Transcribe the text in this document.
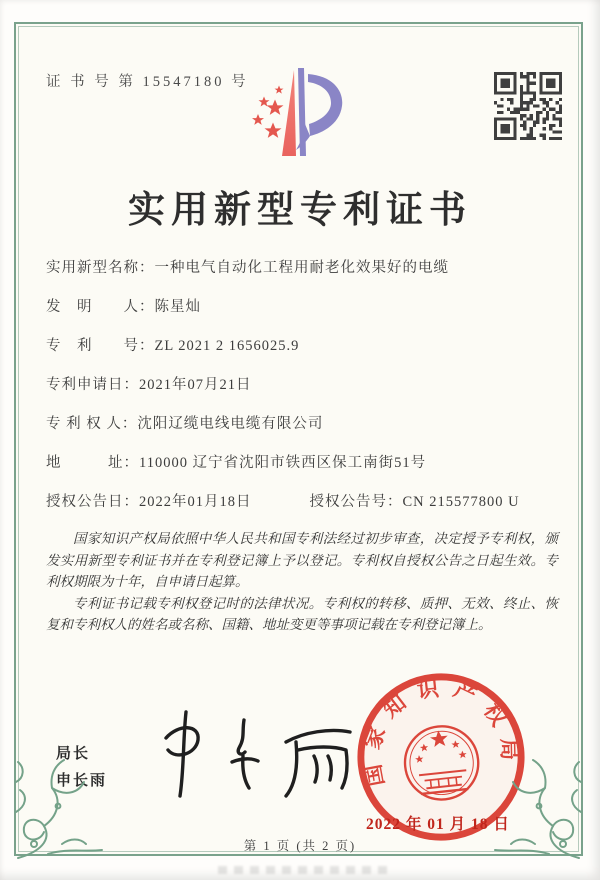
证 书 号 第 15547180 号
实用新型专利证书
实用新型名称：一种电气自动化工程用耐老化效果好的电缆
发　明　　人：陈星灿
专　利　　号：ZL 2021 2 1656025.9
专利申请日：2021年07月21日
专 利 权 人：沈阳辽缆电线电缆有限公司
地　　　址：110000 辽宁省沈阳市铁西区保工南街51号
授权公告日：2022年01月18日	授权公告号：CN 215577800 U

国家知识产权局依照中华人民共和国专利法经过初步审查，决定授予专利权，颁发实用新型专利证书并在专利登记簿上予以登记。专利权自授权公告之日起生效。专利权期限为十年，自申请日起算。

专利证书记载专利权登记时的法律状况。专利权的转移、质押、无效、终止、恢复和专利权人的姓名或名称、国籍、地址变更等事项记载在专利登记簿上。

局长
申长雨	国家知识产权局
2022 年 01 月 18 日
第 1 页 (共 2 页)
